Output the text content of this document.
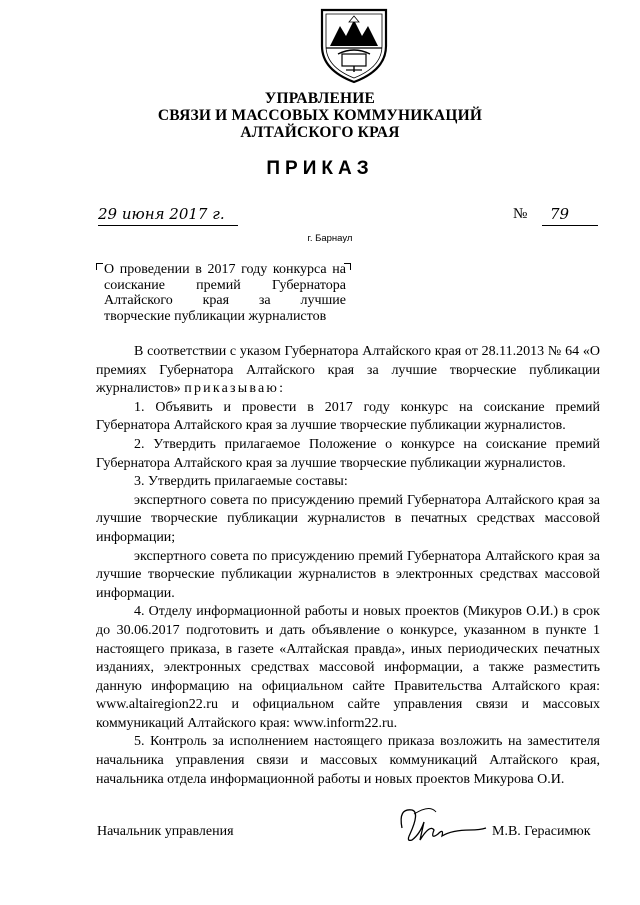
УПРАВЛЕНИЕ
СВЯЗИ И МАССОВЫХ КОММУНИКАЦИЙ
АЛТАЙСКОГО КРАЯ
ПРИКАЗ
29 июня 2017 г.	№ 79
г. Барнаул

О проведении в 2017 году конкурса на

соискание премий Губернатора

Алтайского края за лучшие

творческие публикации журналистов

В соответствии с указом Губернатора Алтайского края от 28.11.2013 № 64 «О премиях Губернатора Алтайского края за лучшие творческие публикации журналистов» приказываю:

1. Объявить и провести в 2017 году конкурс на соискание премий Губернатора Алтайского края за лучшие творческие публикации журналистов.

2. Утвердить прилагаемое Положение о конкурсе на соискание премий Губернатора Алтайского края за лучшие творческие публикации журналистов.

3. Утвердить прилагаемые составы:

экспертного совета по присуждению премий Губернатора Алтайского края за лучшие творческие публикации журналистов в печатных средствах массовой информации;

экспертного совета по присуждению премий Губернатора Алтайского края за лучшие творческие публикации журналистов в электронных средствах массовой информации.

4. Отделу информационной работы и новых проектов (Микуров О.И.) в срок до 30.06.2017 подготовить и дать объявление о конкурсе, указанном в пункте 1 настоящего приказа, в газете «Алтайская правда», иных периодических печатных изданиях, электронных средствах массовой информации, а также разместить данную информацию на официальном сайте Правительства Алтайского края: www.altairegion22.ru и официальном сайте управления связи и массовых коммуникаций Алтайского края: www.inform22.ru.

5. Контроль за исполнением настоящего приказа возложить на заместителя начальника управления связи и массовых коммуникаций Алтайского края, начальника отдела информационной работы и новых проектов Микурова О.И.

Начальник управления	М.В. Герасимюк
